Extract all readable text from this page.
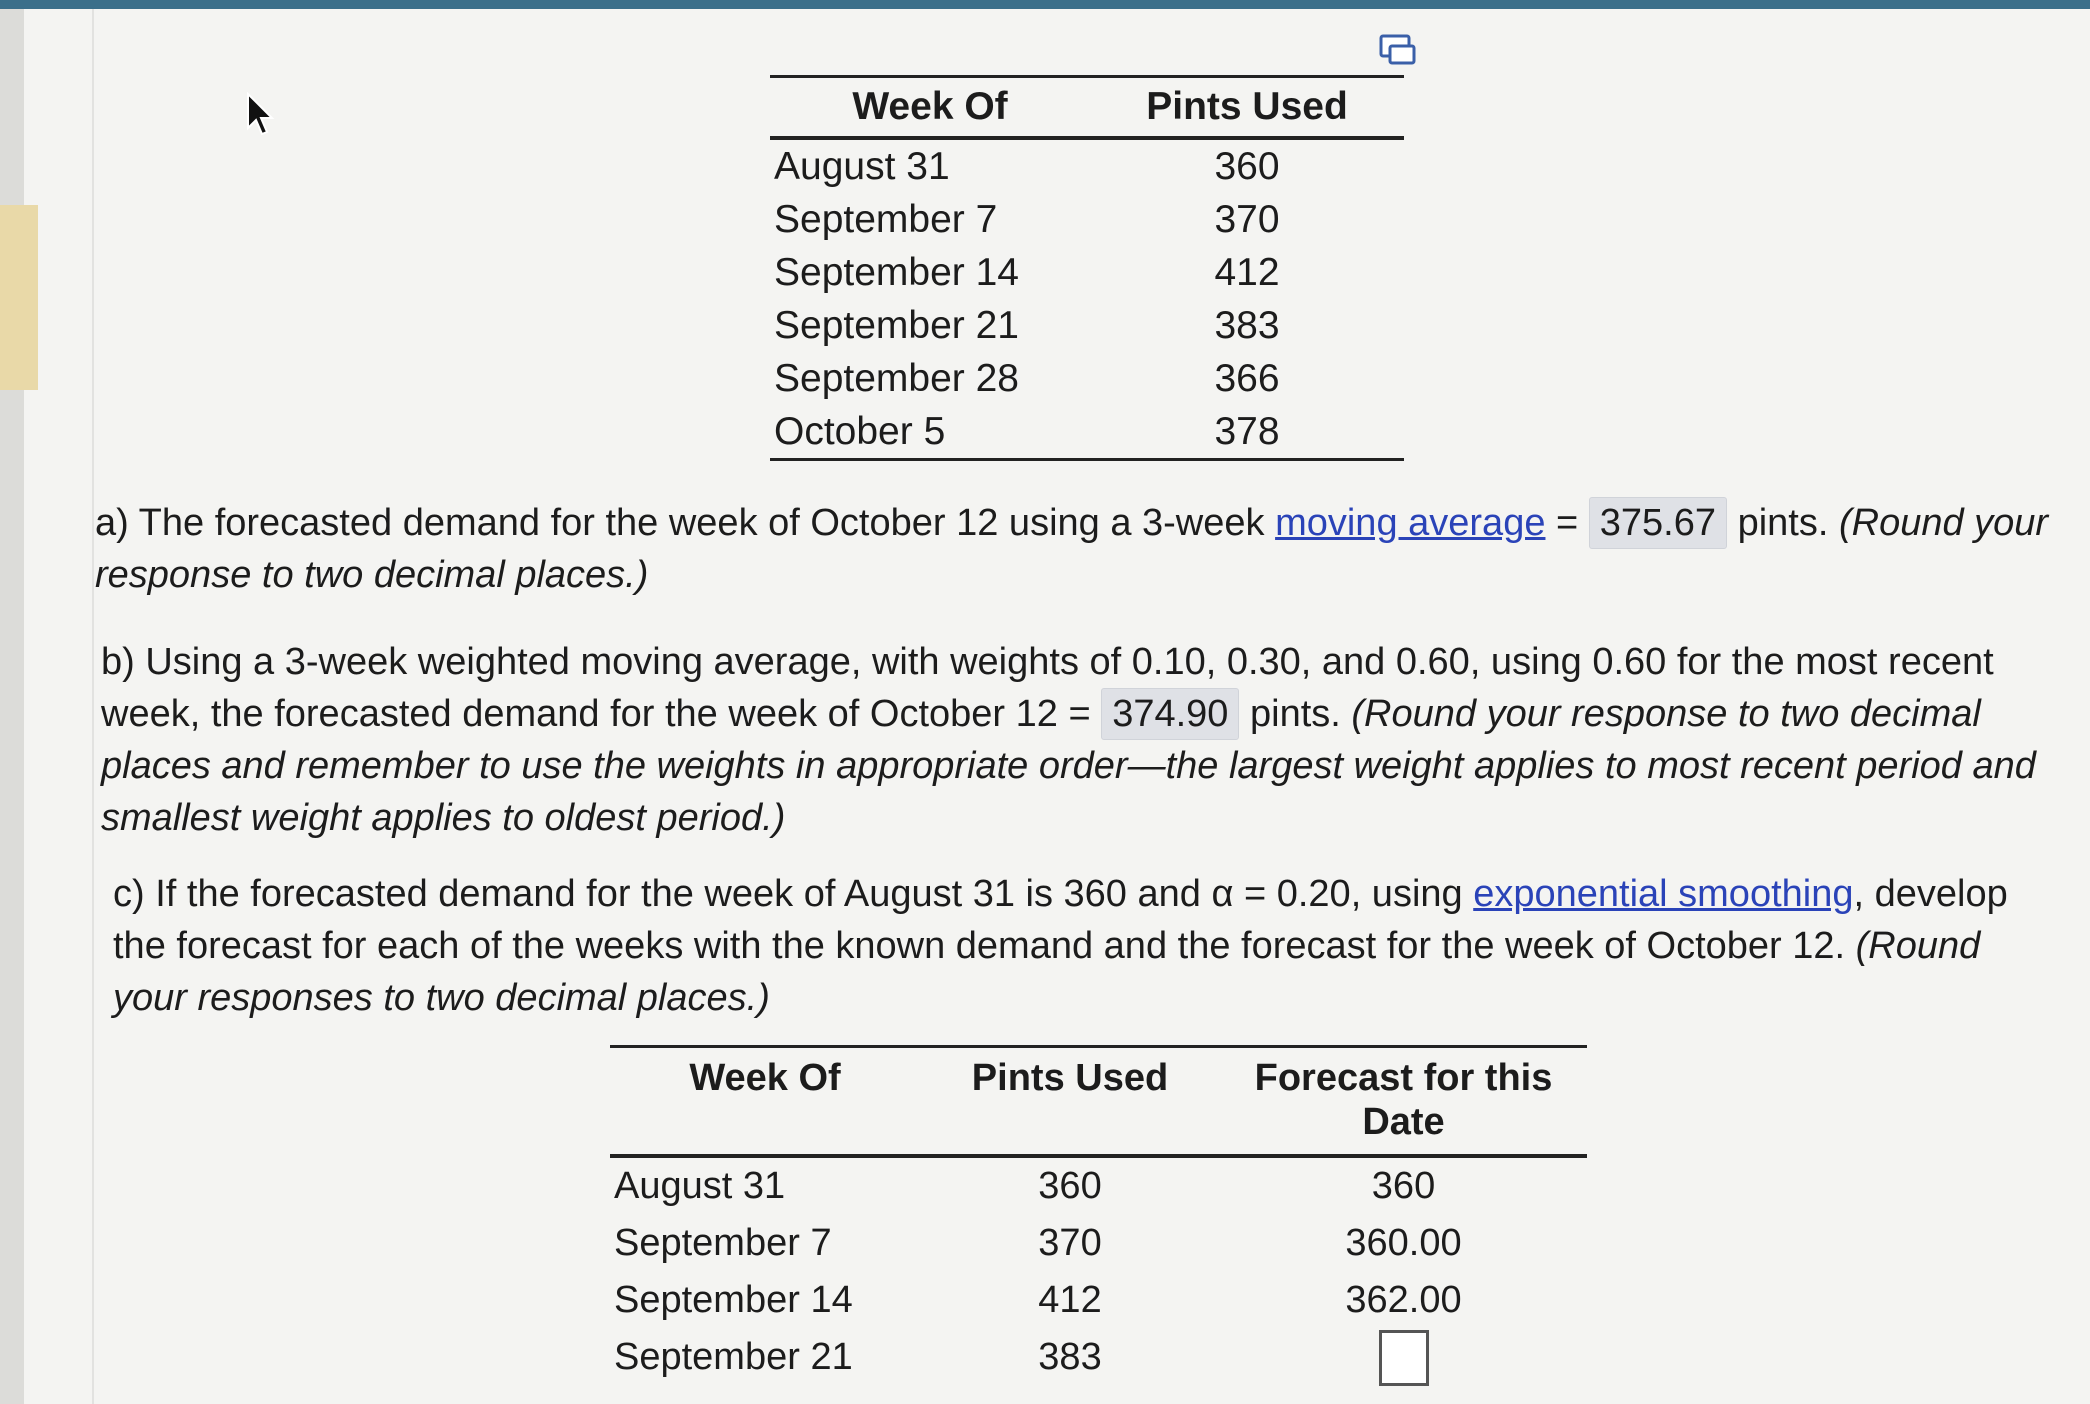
Week Of	Pints Used
August 31	360
September 7	370
September 14	412
September 21	383
September 28	366
October 5	378
a) The forecasted demand for the week of October 12 using a 3-week moving average = 375.67 pints. (Round your response to two decimal places.)
b) Using a 3-week weighted moving average, with weights of 0.10, 0.30, and 0.60, using 0.60 for the most recent week, the forecasted demand for the week of October 12 = 374.90 pints. (Round your response to two decimal places and remember to use the weights in appropriate order—the largest weight applies to most recent period and smallest weight applies to oldest period.)
c) If the forecasted demand for the week of August 31 is 360 and α = 0.20, using exponential smoothing, develop the forecast for each of the weeks with the known demand and the forecast for the week of October 12. (Round your responses to two decimal places.)
Week Of	Pints Used	Forecast for this Date
August 31	360	360
September 7	370	360.00
September 14	412	362.00
September 21	383	
